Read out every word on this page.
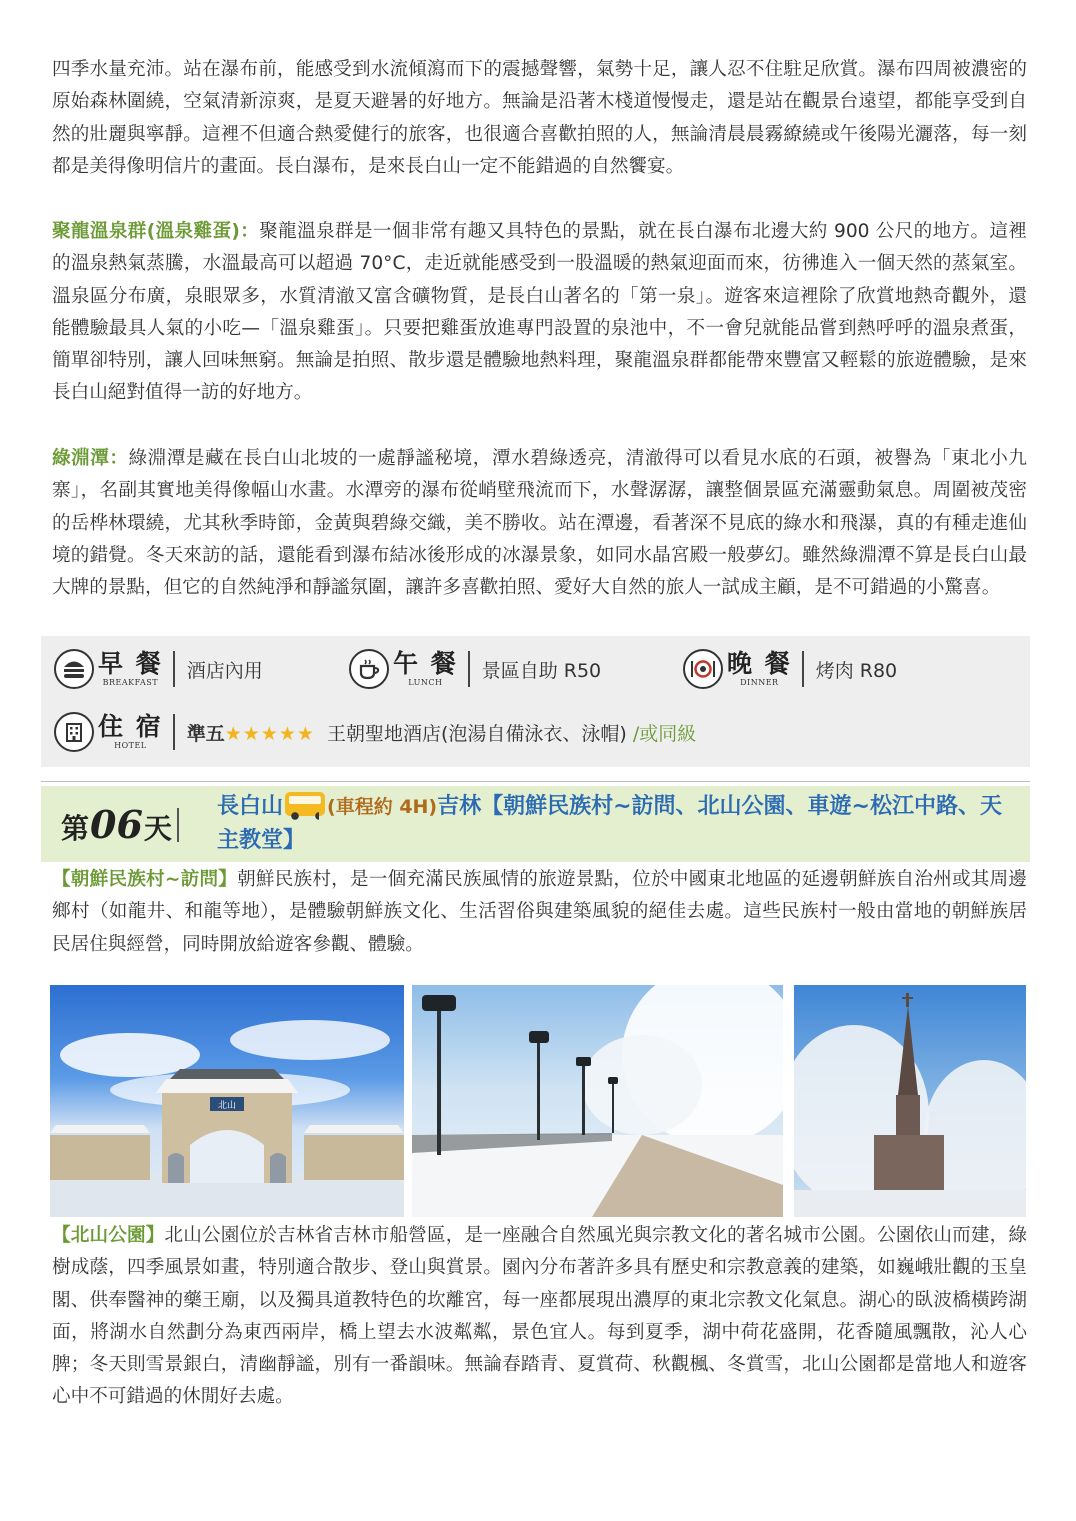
四季水量充沛。站在瀑布前，能感受到水流傾瀉而下的震撼聲響，氣勢十足，讓人忍不住駐足欣賞。瀑布四周被濃密的原始森林圍繞，空氣清新涼爽，是夏天避暑的好地方。無論是沿著木棧道慢慢走，還是站在觀景台遠望，都能享受到自然的壯麗與寧靜。這裡不但適合熱愛健行的旅客，也很適合喜歡拍照的人，無論清晨晨霧繚繞或午後陽光灑落，每一刻都是美得像明信片的畫面。長白瀑布，是來長白山一定不能錯過的自然饗宴。

聚龍溫泉群(溫泉雞蛋)：聚龍溫泉群是一個非常有趣又具特色的景點，就在長白瀑布北邊大約 900 公尺的地方。這裡的溫泉熱氣蒸騰，水溫最高可以超過 70°C，走近就能感受到一股溫暖的熱氣迎面而來，彷彿進入一個天然的蒸氣室。溫泉區分布廣，泉眼眾多，水質清澈又富含礦物質，是長白山著名的「第一泉」。遊客來這裡除了欣賞地熱奇觀外，還能體驗最具人氣的小吃—「溫泉雞蛋」。只要把雞蛋放進專門設置的泉池中，不一會兒就能品嘗到熱呼呼的溫泉煮蛋，簡單卻特別，讓人回味無窮。無論是拍照、散步還是體驗地熱料理，聚龍溫泉群都能帶來豐富又輕鬆的旅遊體驗，是來長白山絕對值得一訪的好地方。

綠淵潭：綠淵潭是藏在長白山北坡的一處靜謐秘境，潭水碧綠透亮，清澈得可以看見水底的石頭，被譽為「東北小九寨」，名副其實地美得像幅山水畫。水潭旁的瀑布從峭壁飛流而下，水聲潺潺，讓整個景區充滿靈動氣息。周圍被茂密的岳桦林環繞，尤其秋季時節，金黃與碧綠交織，美不勝收。站在潭邊，看著深不見底的綠水和飛瀑，真的有種走進仙境的錯覺。冬天來訪的話，還能看到瀑布結冰後形成的冰瀑景象，如同水晶宮殿一般夢幻。雖然綠淵潭不算是長白山最大牌的景點，但它的自然純淨和靜謐氛圍，讓許多喜歡拍照、愛好大自然的旅人一試成主顧，是不可錯過的小驚喜。

早 餐
BREAKFAST
酒店內用	午 餐
LUNCH
景區自助 R50	晚 餐
DINNER
烤肉 R80
住 宿
HOTEL
準五★★★★★ 王朝聖地酒店(泡湯自備泳衣、泳帽) /或同級
第 06 天
長白山 (車程約 4H)吉林【朝鮮民族村~訪問、北山公園、車遊~松江中路、天主教堂】

【朝鮮民族村~訪問】朝鮮民族村，是一個充滿民族風情的旅遊景點，位於中國東北地區的延邊朝鮮族自治州或其周邊鄉村（如龍井、和龍等地），是體驗朝鮮族文化、生活習俗與建築風貌的絕佳去處。這些民族村一般由當地的朝鮮族居民居住與經營，同時開放給遊客參觀、體驗。

北山

【北山公園】北山公園位於吉林省吉林市船營區，是一座融合自然風光與宗教文化的著名城市公園。公園依山而建，綠樹成蔭，四季風景如畫，特別適合散步、登山與賞景。園內分布著許多具有歷史和宗教意義的建築，如巍峨壯觀的玉皇閣、供奉醫神的藥王廟，以及獨具道教特色的坎離宮，每一座都展現出濃厚的東北宗教文化氣息。湖心的臥波橋橫跨湖面，將湖水自然劃分為東西兩岸，橋上望去水波粼粼，景色宜人。每到夏季，湖中荷花盛開，花香隨風飄散，沁人心脾；冬天則雪景銀白，清幽靜謐，別有一番韻味。無論春踏青、夏賞荷、秋觀楓、冬賞雪，北山公園都是當地人和遊客心中不可錯過的休閒好去處。
